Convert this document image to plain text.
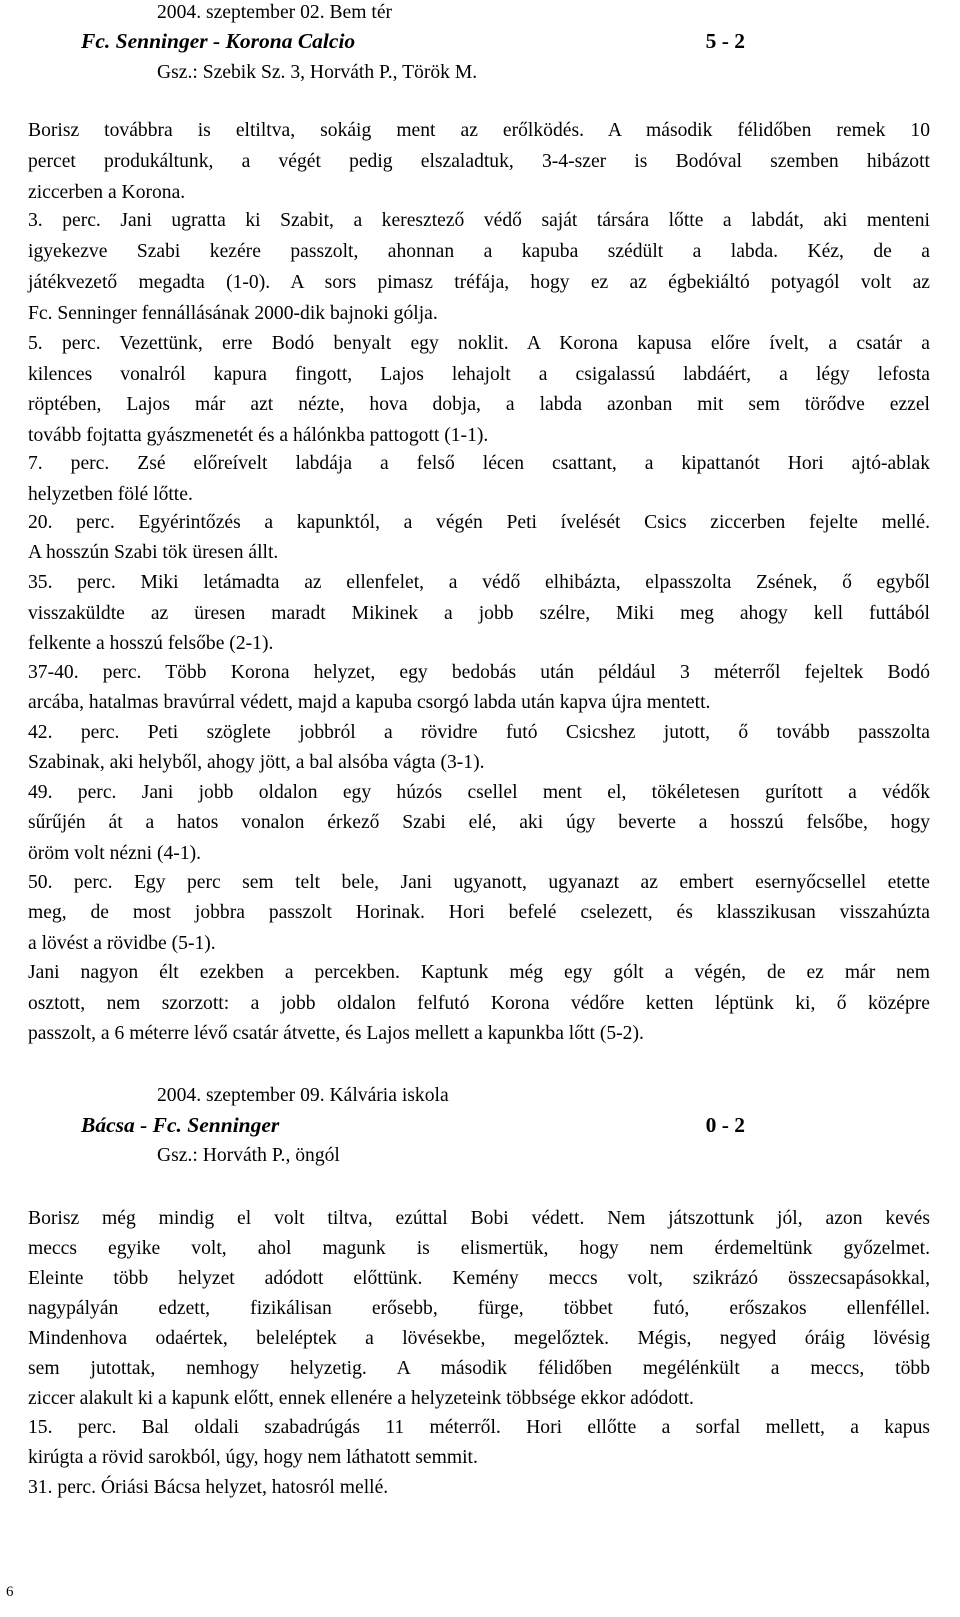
2004. szeptember 02. Bem tér
Fc. Senninger - Korona Calcio	5 - 2
Gsz.: Szebik Sz. 3, Horváth P., Török M.
Borisz továbbra is eltiltva, sokáig ment az erőlködés. A második félidőben remek 10
percet produkáltunk, a végét pedig elszaladtuk, 3-4-szer is Bodóval szemben hibázott
ziccerben a Korona.
3. perc. Jani ugratta ki Szabit, a keresztező védő saját társára lőtte a labdát, aki menteni
igyekezve Szabi kezére passzolt, ahonnan a kapuba szédült a labda. Kéz, de a
játékvezető megadta (1-0). A sors pimasz tréfája, hogy ez az égbekiáltó potyagól volt az
Fc. Senninger fennállásának 2000-dik bajnoki gólja.
5. perc. Vezettünk, erre Bodó benyalt egy noklit. A Korona kapusa előre ívelt, a csatár a
kilences vonalról kapura fingott, Lajos lehajolt a csigalassú labdáért, a légy lefosta
röptében, Lajos már azt nézte, hova dobja, a labda azonban mit sem törődve ezzel
tovább fojtatta gyászmenetét és a hálónkba pattogott (1-1).
7. perc. Zsé előreívelt labdája a felső lécen csattant, a kipattanót Hori ajtó-ablak
helyzetben fölé lőtte.
20. perc. Egyérintőzés a kapunktól, a végén Peti ívelését Csics ziccerben fejelte mellé.
A hosszún Szabi tök üresen állt.
35. perc. Miki letámadta az ellenfelet, a védő elhibázta, elpasszolta Zsének, ő egyből
visszaküldte az üresen maradt Mikinek a jobb szélre, Miki meg ahogy kell futtából
felkente a hosszú felsőbe (2-1).
37-40. perc. Több Korona helyzet, egy bedobás után például 3 méterről fejeltek Bodó
arcába, hatalmas bravúrral védett, majd a kapuba csorgó labda után kapva újra mentett.
42. perc. Peti szöglete jobbról a rövidre futó Csicshez jutott, ő tovább passzolta
Szabinak, aki helyből, ahogy jött, a bal alsóba vágta (3-1).
49. perc. Jani jobb oldalon egy húzós csellel ment el, tökéletesen gurított a védők
sűrűjén át a hatos vonalon érkező Szabi elé, aki úgy beverte a hosszú felsőbe, hogy
öröm volt nézni (4-1).
50. perc. Egy perc sem telt bele, Jani ugyanott, ugyanazt az embert esernyőcsellel etette
meg, de most jobbra passzolt Horinak. Hori befelé cselezett, és klasszikusan visszahúzta
a lövést a rövidbe (5-1).
Jani nagyon élt ezekben a percekben. Kaptunk még egy gólt a végén, de ez már nem
osztott, nem szorzott: a jobb oldalon felfutó Korona védőre ketten léptünk ki, ő középre
passzolt, a 6 méterre lévő csatár átvette, és Lajos mellett a kapunkba lőtt (5-2).
2004. szeptember 09. Kálvária iskola
Bácsa - Fc. Senninger	0 - 2
Gsz.: Horváth P., öngól
Borisz még mindig el volt tiltva, ezúttal Bobi védett. Nem játszottunk jól, azon kevés
meccs egyike volt, ahol magunk is elismertük, hogy nem érdemeltünk győzelmet.
Eleinte több helyzet adódott előttünk. Kemény meccs volt, szikrázó összecsapásokkal,
nagypályán edzett, fizikálisan erősebb, fürge, többet futó, erőszakos ellenféllel.
Mindenhova odaértek, beleléptek a lövésekbe, megelőztek. Mégis, negyed óráig lövésig
sem jutottak, nemhogy helyzetig. A második félidőben megélénkült a meccs, több
ziccer alakult ki a kapunk előtt, ennek ellenére a helyzeteink többsége ekkor adódott.
15. perc. Bal oldali szabadrúgás 11 méterről. Hori ellőtte a sorfal mellett, a kapus
kirúgta a rövid sarokból, úgy, hogy nem láthatott semmit.
31. perc. Óriási Bácsa helyzet, hatosról mellé.
6
